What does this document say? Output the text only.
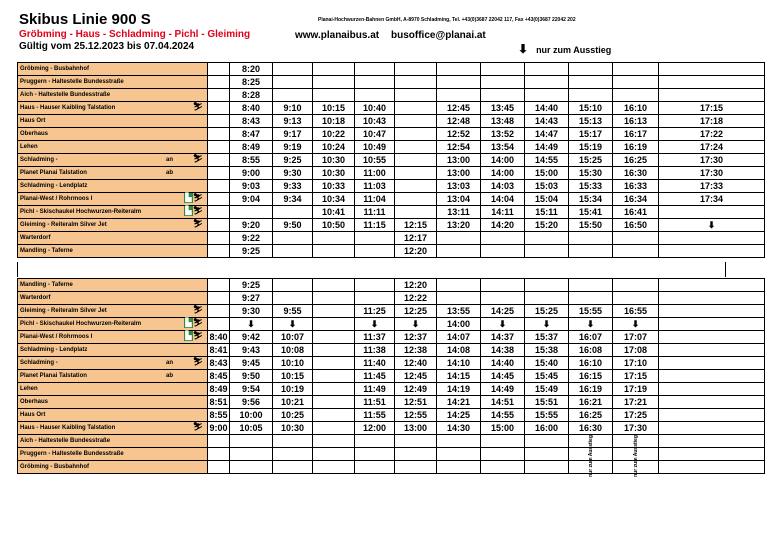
Skibus Linie 900 S
Gröbming - Haus - Schladming - Pichl - Gleiming
Gültig vom 25.12.2023 bis 07.04.2024
Planai-Hochwurzen-Bahnen GmbH, A-8970 Schladming, Tel. +43(0)3687 22042 117, Fax +43(0)3687 22042 202
www.planaibus.at busoffice@planai.at
⬇ nur zum Ausstieg
Gröbming - Busbahnhof		8:20											
Pruggern - Haltestelle Bundesstraße		8:25											
Aich - Haltestelle Bundesstraße		8:28											
Haus - Hauser Kaibling Talstation ⛷		8:40	9:10	10:15	10:40		12:45	13:45	14:40	15:10	16:10	17:15	
Haus Ort		8:43	9:13	10:18	10:43		12:48	13:48	14:43	15:13	16:13	17:18	
Oberhaus		8:47	9:17	10:22	10:47		12:52	13:52	14:47	15:17	16:17	17:22	
Lehen		8:49	9:19	10:24	10:49		12:54	13:54	14:49	15:19	16:19	17:24	
Schladming - an ⛷		8:55	9:25	10:30	10:55		13:00	14:00	14:55	15:25	16:25	17:30	
Planet Planai Talstation ab		9:00	9:30	10:30	11:00		13:00	14:00	15:00	15:30	16:30	17:30	
Schladming - Lendplatz		9:03	9:33	10:33	11:03		13:03	14:03	15:03	15:33	16:33	17:33	
Planai-West / Rohrmoos I ▙ ⛷		9:04	9:34	10:34	11:04		13:04	14:04	15:04	15:34	16:34	17:34	
Pichl - Skischaukel Hochwurzen-Reiteralm ▙ ⛷				10:41	11:11		13:11	14:11	15:11	15:41	16:41		
Gleiming - Reiteralm Silver Jet ⛷		9:20	9:50	10:50	11:15	12:15	13:20	14:20	15:20	15:50	16:50	⬇	
Warterdorf		9:22				12:17							
Mandling - Taferne		9:25				12:20							
Mandling - Taferne		9:25				12:20						
Warterdorf		9:27				12:22						
Gleiming - Reiteralm Silver Jet ⛷		9:30	9:55		11:25	12:25	13:55	14:25	15:25	15:55	16:55	
Pichl - Skischaukel Hochwurzen-Reiteralm ▙ ⛷		⬇	⬇		⬇	⬇	14:00	⬇	⬇	⬇	⬇	
Planai-West / Rohrmoos I ▙ ⛷	8:40	9:42	10:07		11:37	12:37	14:07	14:37	15:37	16:07	17:07	
Schladming - Lendplatz	8:41	9:43	10:08		11:38	12:38	14:08	14:38	15:38	16:08	17:08	
Schladming - an ⛷	8:43	9:45	10:10		11:40	12:40	14:10	14:40	15:40	16:10	17:10	
Planet Planai Talstation ab	8:45	9:50	10:15		11:45	12:45	14:15	14:45	15:45	16:15	17:15	
Lehen	8:49	9:54	10:19		11:49	12:49	14:19	14:49	15:49	16:19	17:19	
Oberhaus	8:51	9:56	10:21		11:51	12:51	14:21	14:51	15:51	16:21	17:21	
Haus Ort	8:55	10:00	10:25		11:55	12:55	14:25	14:55	15:55	16:25	17:25	
Haus - Hauser Kaibling Talstation ⛷	9:00	10:05	10:30		12:00	13:00	14:30	15:00	16:00	16:30	17:30	
Aich - Haltestelle Bundesstraße												
Pruggern - Haltestelle Bundesstraße										nur zum Ausstieg	nur zum Ausstieg	
Gröbming - Busbahnhof												
